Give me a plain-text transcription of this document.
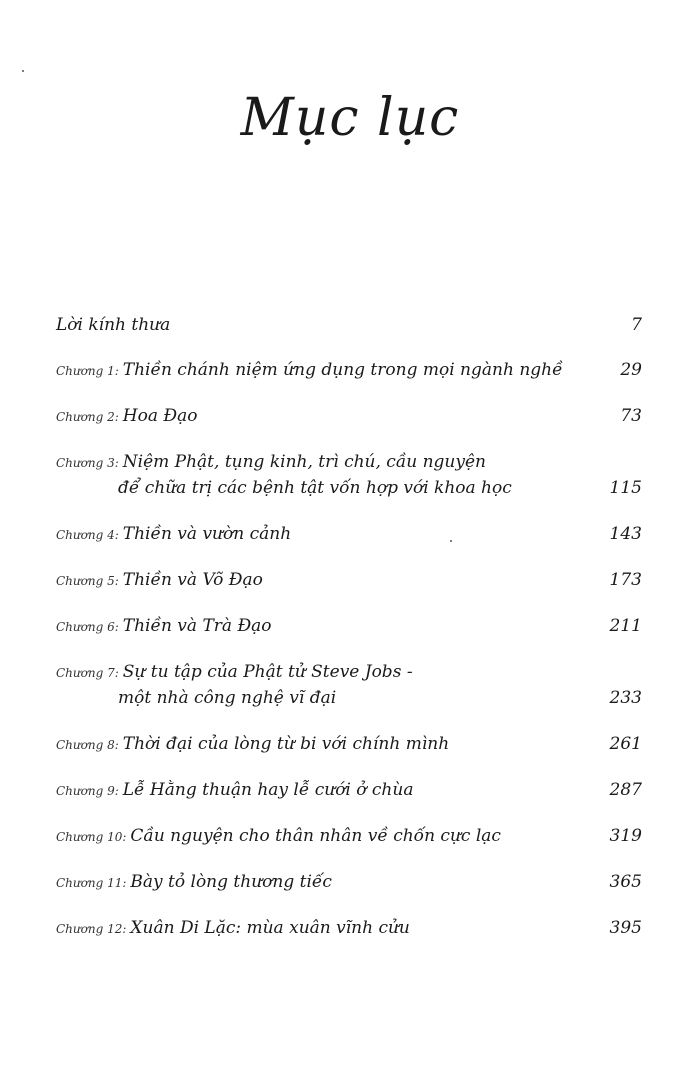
Mục lục
Lời kính thưa	7
Chương 1: Thiền chánh niệm ứng dụng trong mọi ngành nghề	29
Chương 2: Hoa Đạo	73
Chương 3: Niệm Phật, tụng kinh, trì chú, cầu nguyện
để chữa trị các bệnh tật vốn hợp với khoa học	115
Chương 4: Thiền và vườn cảnh	143
Chương 5: Thiền và Võ Đạo	173
Chương 6: Thiền và Trà Đạo	211
Chương 7: Sự tu tập của Phật tử Steve Jobs -
một nhà công nghệ vĩ đại	233
Chương 8: Thời đại của lòng từ bi với chính mình	261
Chương 9: Lễ Hằng thuận hay lễ cưới ở chùa	287
Chương 10: Cầu nguyện cho thân nhân về chốn cực lạc	319
Chương 11: Bày tỏ lòng thương tiếc	365
Chương 12: Xuân Di Lặc: mùa xuân vĩnh cửu	395
